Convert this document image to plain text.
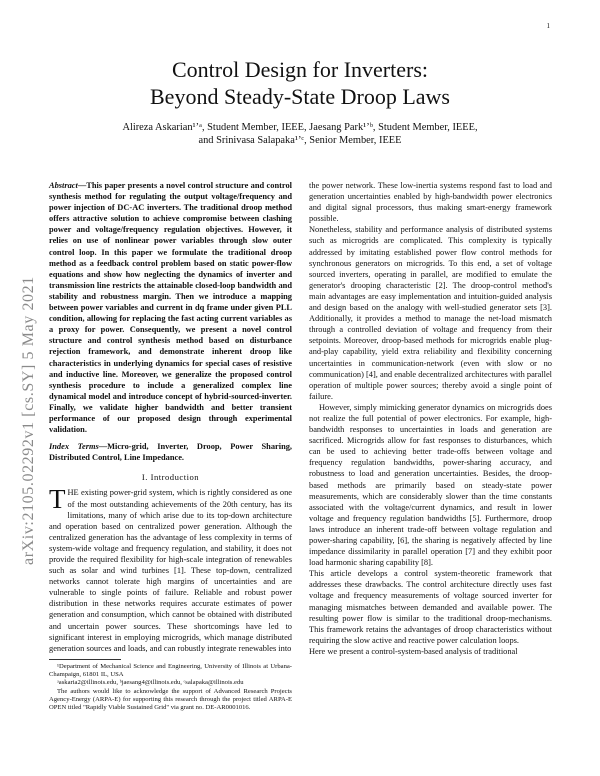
1
arXiv:2105.02292v1 [cs.SY] 5 May 2021
Control Design for Inverters:
Beyond Steady-State Droop Laws
Alireza Askarian¹ʼᵃ, Student Member, IEEE, Jaesang Park¹ʼᵇ, Student Member, IEEE,
and Srinivasa Salapaka¹ʼᶜ, Senior Member, IEEE
Abstract—This paper presents a novel control structure and control synthesis method for regulating the output voltage/frequency and power injection of DC-AC inverters. The traditional droop method offers attractive solution to achieve compromise between clashing power and voltage/frequency regulation objectives. However, it relies on use of nonlinear power variables through slow outer control loop. In this paper we formulate the traditional droop method as a feedback control problem based on static power-flow equations and show how neglecting the dynamics of inverter and transmission line restricts the attainable closed-loop bandwidth and stability and robustness margin. Then we introduce a mapping between power variables and current in dq frame under given PLL condition, allowing for replacing the fast acting current variables as a proxy for power. Consequently, we present a novel control structure and control synthesis method based on disturbance rejection framework, and demonstrate inherent droop like characteristics in underlying dynamics for special cases of resistive and inductive line. Moreover, we generalize the proposed control synthesis procedure to include a generalized complex line dynamical model and introduce concept of hybrid-sourced-inverter. Finally, we validate higher bandwidth and better transient performance of our proposed design through experimental validation.
Index Terms—Micro-grid, Inverter, Droop, Power Sharing, Distributed Control, Line Impedance.
I. Introduction

THE existing power-grid system, which is rightly considered as one of the most outstanding achievements of the 20th century, has its limitations, many of which arise due to its top-down architecture and operation based on centralized power generation. Although the centralized generation has the advantage of less complexity in terms of system-wide voltage and frequency regulation, and stability, it does not provide the required flexibility for high-scale integration of renewables such as solar and wind turbines [1]. These top-down, centralized networks cannot tolerate high margins of uncertainties and are vulnerable to single points of failure. Reliable and robust power distribution in these networks requires accurate estimates of power generation and consumption, which cannot be obtained with distributed and uncertain power sources. These shortcomings have led to significant interest in employing microgrids, which manage distributed generation sources and loads, and can robustly integrate renewables into

¹Department of Mechanical Science and Engineering, University of Illinois at Urbana-Champaign, 61801 IL, USA
ᵃaskaria2@illinois.edu, ᵇjaesang4@illinois.edu, ᶜsalapaka@illinois.edu
The authors would like to acknowledge the support of Advanced Research Projects Agency-Energy (ARPA-E) for supporting this research through the project titled ARPA-E OPEN titled "Rapidly Viable Sustained Grid" via grant no. DE-AR0001016.

the power network. These low-inertia systems respond fast to load and generation uncertainties enabled by high-bandwidth power electronics and digital signal processors, thus making smart-energy framework possible.

Nonetheless, stability and performance analysis of distributed systems such as microgrids are complicated. This complexity is typically addressed by imitating established power flow control methods for synchronous generators on microgrids. To this end, a set of voltage sourced inverters, operating in parallel, are modified to emulate the generator's drooping characteristic [2]. The droop-control method's main advantages are easy implementation and intuition-guided analysis and design based on the analogy with well-studied generator sets [3]. Additionally, it provides a method to manage the net-load mismatch through a controlled deviation of voltage and frequency from their setpoints. Moreover, droop-based methods for microgrids enable plug-and-play capability, yield extra reliability and flexibility concerning uncertainties in communication-network (even with slow or no communication) [4], and enable decentralized architectures with parallel operation of multiple power sources; thereby avoid a single point of failure.

However, simply mimicking generator dynamics on microgrids does not realize the full potential of power electronics. For example, high-bandwidth responses to uncertainties in loads and generation are sacrificed. Microgrids allow for fast responses to disturbances, which can be used to achieving better trade-offs between voltage and frequency regulation bandwidths, power-sharing accuracy, and robustness to load and generation uncertainties. Besides, the droop-based methods are primarily based on steady-state power measurements, which are considerably slower than the time constants associated with the voltage/current dynamics, and result in lower voltage and frequency regulation bandwidths [5]. Furthermore, droop laws introduce an inherent trade-off between voltage regulation and power-sharing capability, [6], the sharing is negatively affected by line impedance dissimilarity in parallel operation [7] and they exhibit poor load harmonic sharing capability [8].

This article develops a control system-theoretic framework that addresses these drawbacks. The control architecture directly uses fast voltage and frequency measurements of voltage sourced inverter for managing mismatches between demanded and available power. The resulting power flow is similar to the traditional droop-mechanisms. This framework retains the advantages of droop characteristics without requiring the slow active and reactive power calculation loops.

Here we present a control-system-based analysis of traditional
